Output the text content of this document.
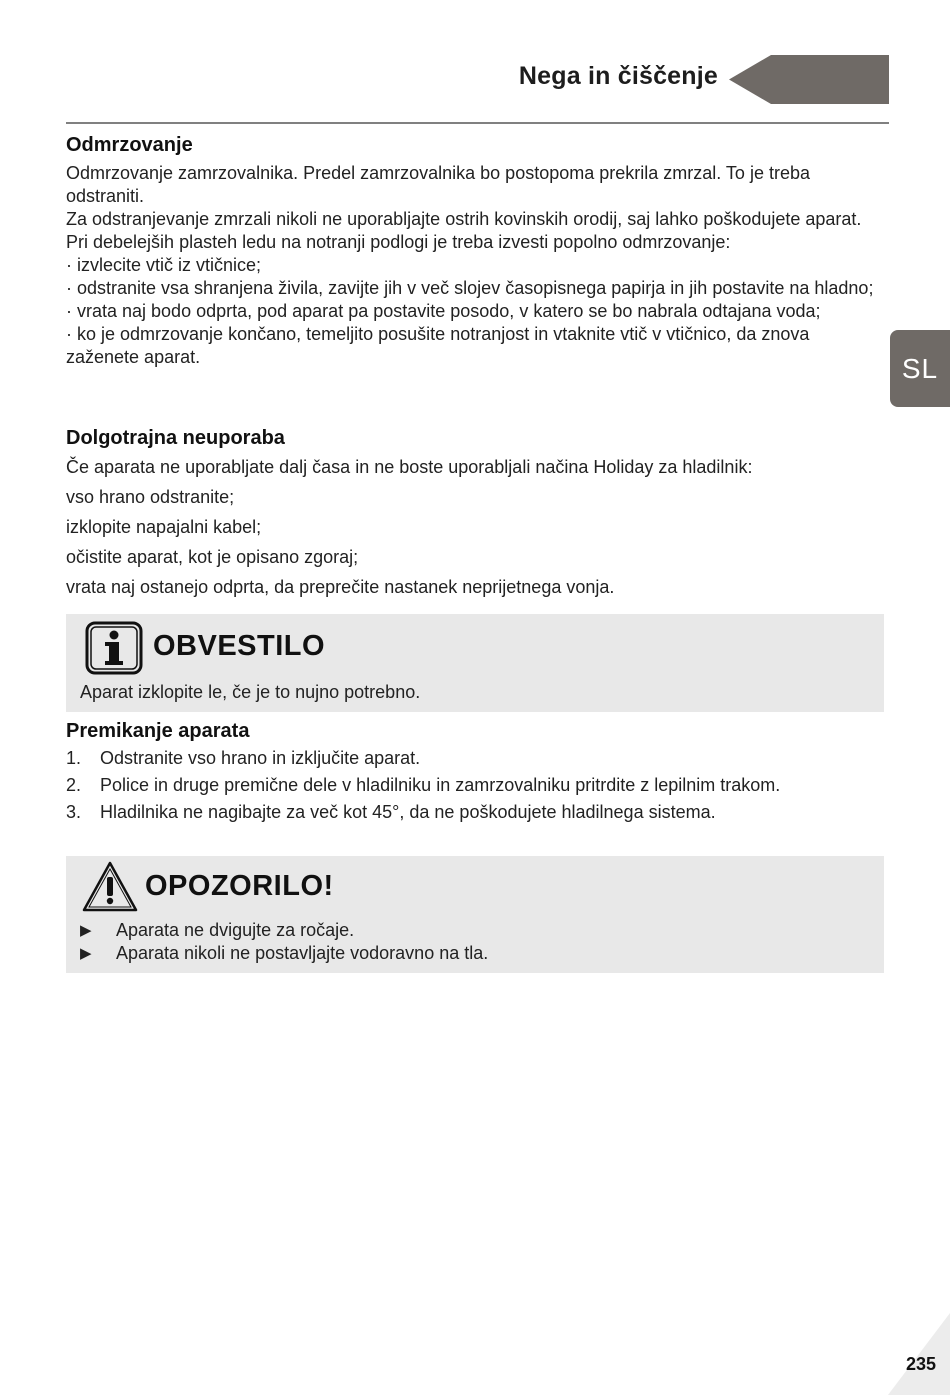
Nega in čiščenje
SL
Odmrzovanje

Odmrzovanje zamrzovalnika. Predel zamrzovalnika bo postopoma prekrila zmrzal. To je treba odstraniti.

Za odstranjevanje zmrzali nikoli ne uporabljajte ostrih kovinskih orodij, saj lahko poškodujete aparat. Pri debelejših plasteh ledu na notranji podlogi je treba izvesti popolno odmrzovanje:

· izvlecite vtič iz vtičnice;

· odstranite vsa shranjena živila, zavijte jih v več slojev časopisnega papirja in jih postavite na hladno;

· vrata naj bodo odprta, pod aparat pa postavite posodo, v katero se bo nabrala odtajana voda;

· ko je odmrzovanje končano, temeljito posušite notranjost in vtaknite vtič v vtičnico, da znova zaženete aparat.

Dolgotrajna neuporaba

Če aparata ne uporabljate dalj časa in ne boste uporabljali načina Holiday za hladilnik:

vso hrano odstranite;

izklopite napajalni kabel;

očistite aparat, kot je opisano zgoraj;

vrata naj ostanejo odprta, da preprečite nastanek neprijetnega vonja.

OBVESTILO
Aparat izklopite le, če je to nujno potrebno.
Premikanje aparata
1.	Odstranite vso hrano in izključite aparat.
2.	Police in druge premične dele v hladilniku in zamrzovalniku pritrdite z lepilnim trakom.
3.	Hladilnika ne nagibajte za več kot 45°, da ne poškodujete hladilnega sistema.
OPOZORILO!
▶	Aparata ne dvigujte za ročaje.
▶	Aparata nikoli ne postavljajte vodoravno na tla.
235
